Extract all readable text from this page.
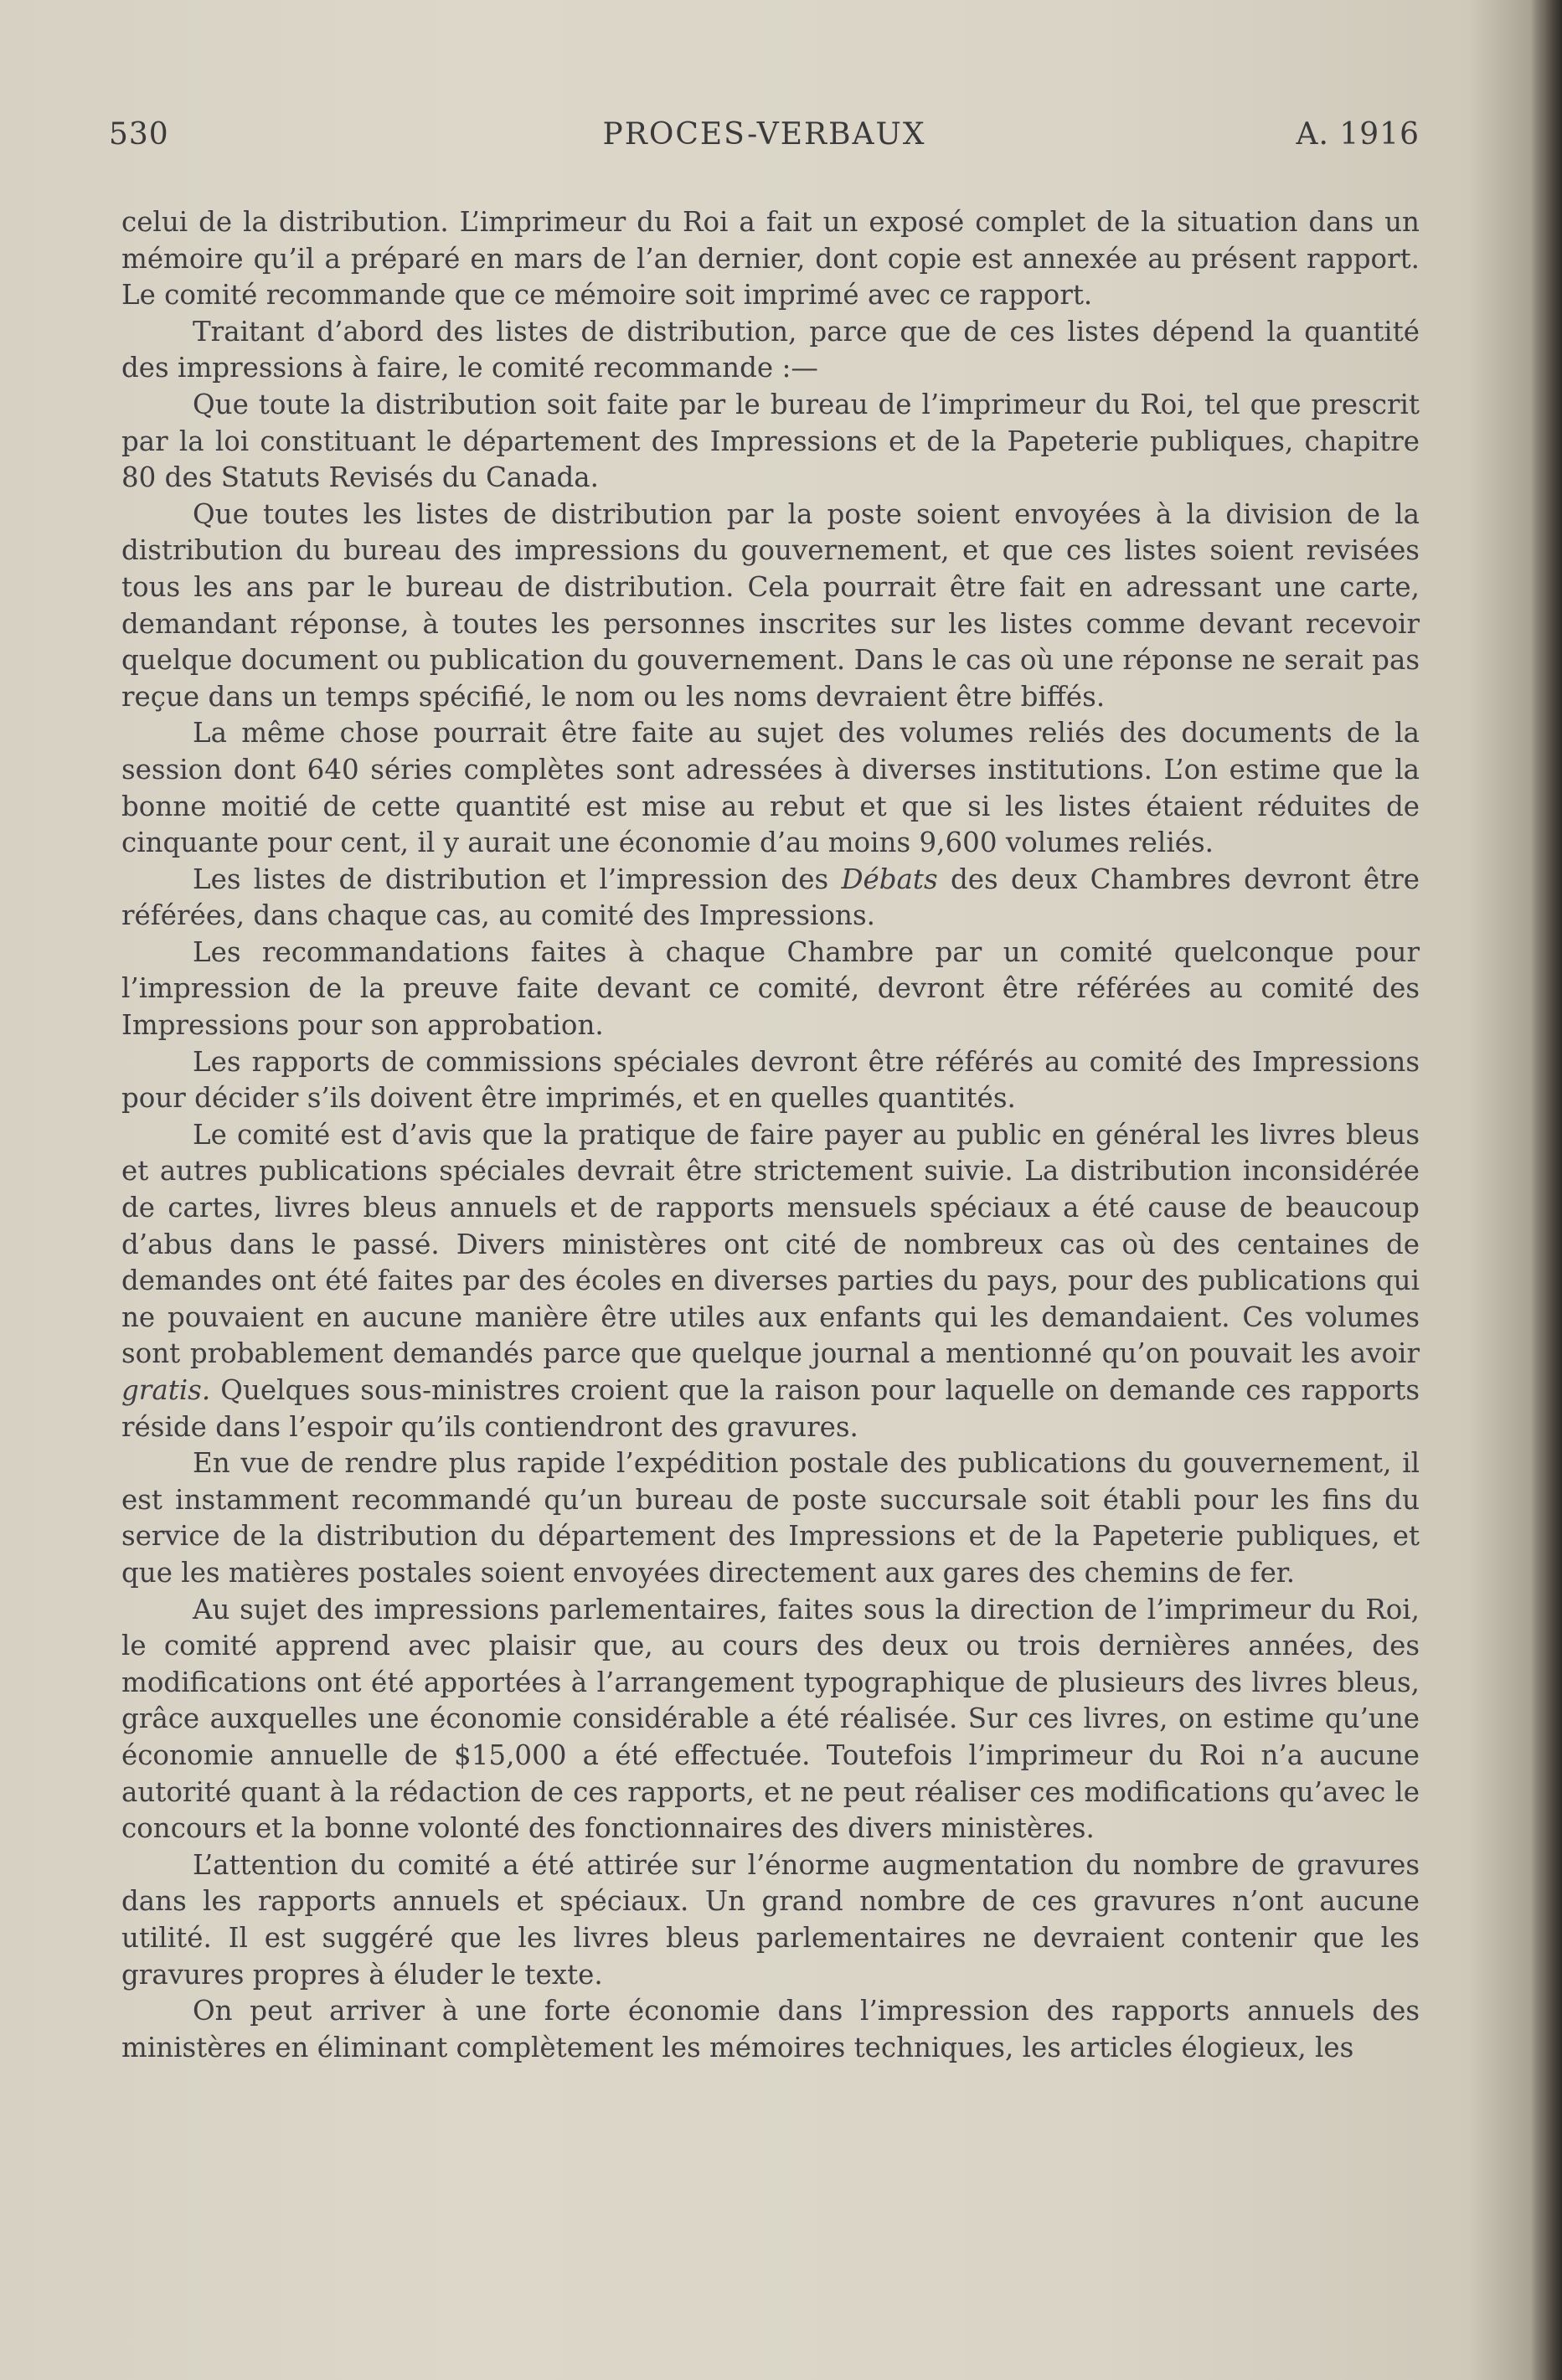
530	PROCES-VERBAUX	A. 1916

celui de la distribution. L’imprimeur du Roi a fait un exposé complet de la situation dans un mémoire qu’il a préparé en mars de l’an dernier, dont copie est annexée au présent rapport. Le comité recommande que ce mémoire soit imprimé avec ce rapport.

Traitant d’abord des listes de distribution, parce que de ces listes dépend la quantité des impressions à faire, le comité recommande :—

Que toute la distribution soit faite par le bureau de l’imprimeur du Roi, tel que prescrit par la loi constituant le département des Impressions et de la Papeterie publiques, chapitre 80 des Statuts Revisés du Canada.

Que toutes les listes de distribution par la poste soient envoyées à la division de la distribution du bureau des impressions du gouvernement, et que ces listes soient revisées tous les ans par le bureau de distribution. Cela pourrait être fait en adressant une carte, demandant réponse, à toutes les personnes inscrites sur les listes comme devant recevoir quelque document ou publication du gouvernement. Dans le cas où une réponse ne serait pas reçue dans un temps spécifié, le nom ou les noms devraient être biffés.

La même chose pourrait être faite au sujet des volumes reliés des documents de la session dont 640 séries complètes sont adressées à diverses institutions. L’on estime que la bonne moitié de cette quantité est mise au rebut et que si les listes étaient réduites de cinquante pour cent, il y aurait une économie d’au moins 9,600 volumes reliés.

Les listes de distribution et l’impression des Débats des deux Chambres devront être référées, dans chaque cas, au comité des Impressions.

Les recommandations faites à chaque Chambre par un comité quelconque pour l’impression de la preuve faite devant ce comité, devront être référées au comité des Impressions pour son approbation.

Les rapports de commissions spéciales devront être référés au comité des Impressions pour décider s’ils doivent être imprimés, et en quelles quantités.

Le comité est d’avis que la pratique de faire payer au public en général les livres bleus et autres publications spéciales devrait être strictement suivie. La distribution inconsidérée de cartes, livres bleus annuels et de rapports mensuels spéciaux a été cause de beaucoup d’abus dans le passé. Divers ministères ont cité de nombreux cas où des centaines de demandes ont été faites par des écoles en diverses parties du pays, pour des publications qui ne pouvaient en aucune manière être utiles aux enfants qui les demandaient. Ces volumes sont probablement demandés parce que quelque journal a mentionné qu’on pouvait les avoir gratis. Quelques sous-ministres croient que la raison pour laquelle on demande ces rapports réside dans l’espoir qu’ils contiendront des gravures.

En vue de rendre plus rapide l’expédition postale des publications du gouvernement, il est instamment recommandé qu’un bureau de poste succursale soit établi pour les fins du service de la distribution du département des Impressions et de la Papeterie publiques, et que les matières postales soient envoyées directement aux gares des chemins de fer.

Au sujet des impressions parlementaires, faites sous la direction de l’imprimeur du Roi, le comité apprend avec plaisir que, au cours des deux ou trois dernières années, des modifications ont été apportées à l’arrangement typographique de plusieurs des livres bleus, grâce auxquelles une économie considérable a été réalisée. Sur ces livres, on estime qu’une économie annuelle de $15,000 a été effectuée. Toutefois l’imprimeur du Roi n’a aucune autorité quant à la rédaction de ces rapports, et ne peut réaliser ces modifications qu’avec le concours et la bonne volonté des fonctionnaires des divers ministères.

L’attention du comité a été attirée sur l’énorme augmentation du nombre de gravures dans les rapports annuels et spéciaux. Un grand nombre de ces gravures n’ont aucune utilité. Il est suggéré que les livres bleus parlementaires ne devraient contenir que les gravures propres à éluder le texte.

On peut arriver à une forte économie dans l’impression des rapports annuels des ministères en éliminant complètement les mémoires techniques, les articles élogieux, les
